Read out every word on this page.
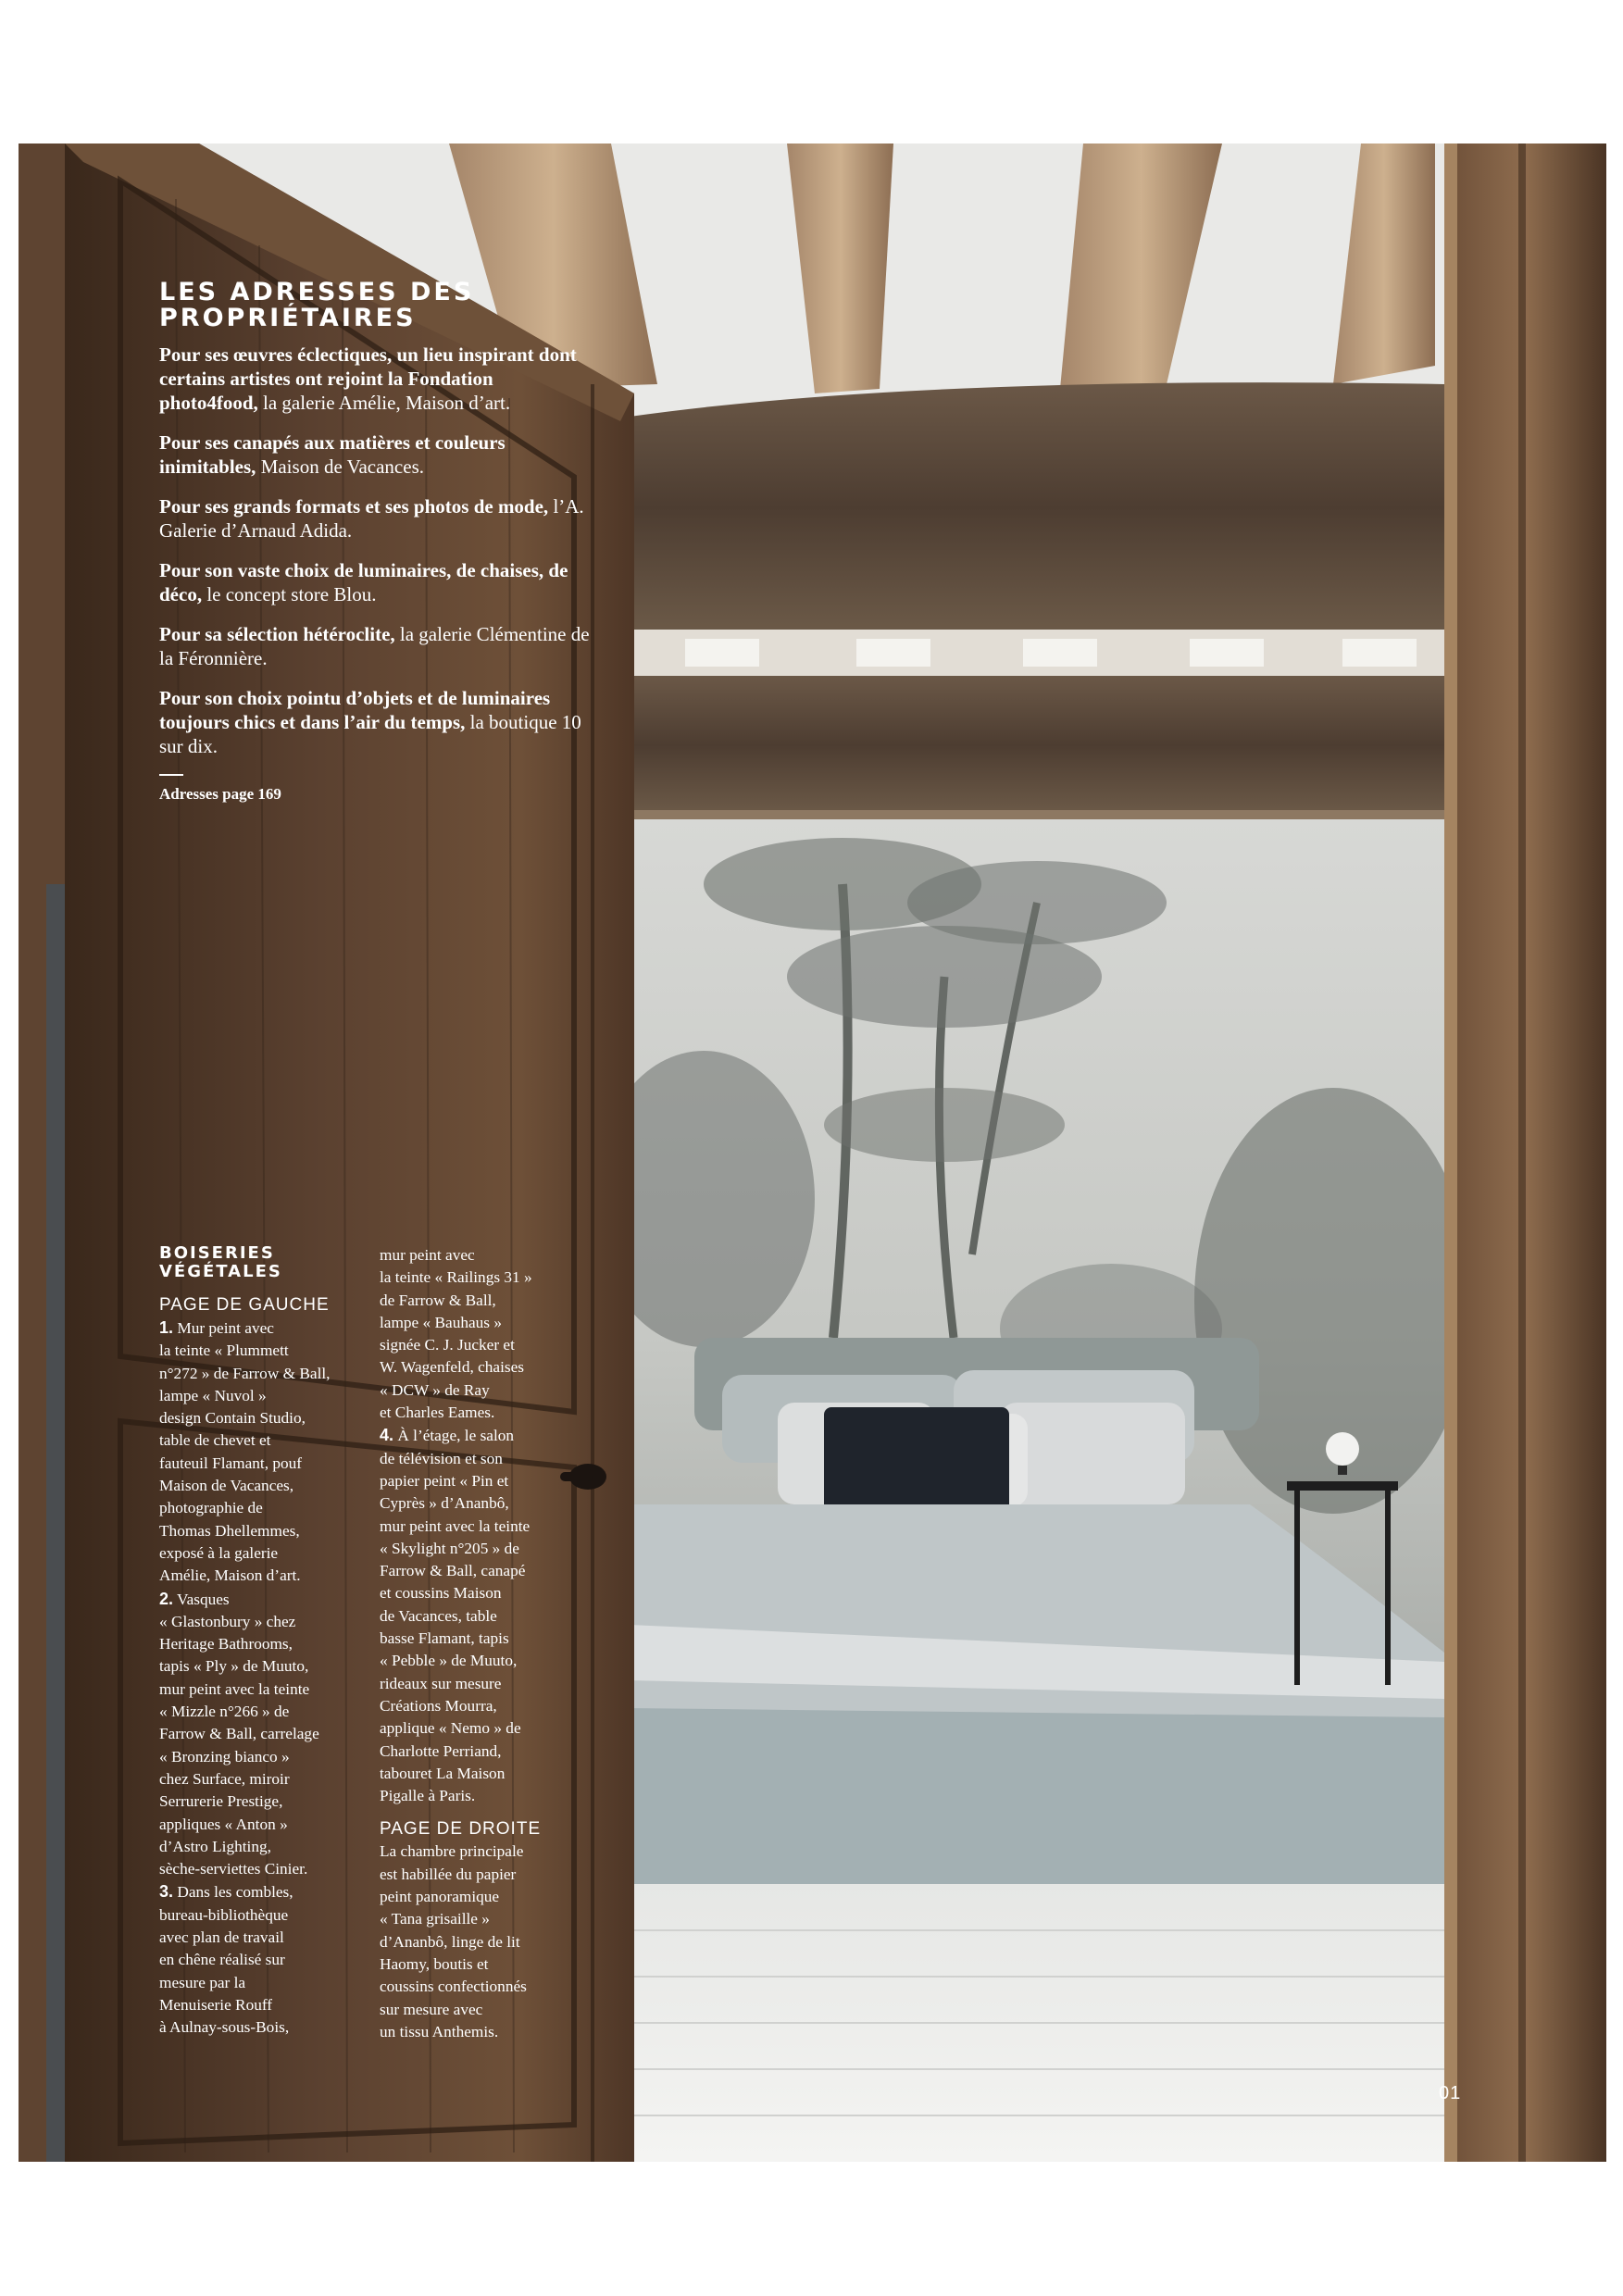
LES ADRESSES DES
PROPRIÉTAIRES

Pour ses œuvres éclectiques, un lieu inspirant dont certains artistes ont rejoint la Fondation photo4food, la galerie Amélie, Maison d’art.

Pour ses canapés aux matières et couleurs inimitables, Maison de Vacances.

Pour ses grands formats et ses photos de mode, l’A. Galerie d’Arnaud Adida.

Pour son vaste choix de luminaires, de chaises, de déco, le concept store Blou.

Pour sa sélection hétéroclite, la galerie Clémentine de la Féronnière.

Pour son choix pointu d’objets et de luminaires toujours chics et dans l’air du temps, la boutique 10 sur dix.

Adresses page 169
BOISERIES
VÉGÉTALES
PAGE DE GAUCHE
1. Mur peint avec
la teinte « Plummett
n°272 » de Farrow & Ball,
lampe « Nuvol »
design Contain Studio,
table de chevet et
fauteuil Flamant, pouf
Maison de Vacances,
photographie de
Thomas Dhellemmes,
exposé à la galerie
Amélie, Maison d’art.
2. Vasques
« Glastonbury » chez
Heritage Bathrooms,
tapis « Ply » de Muuto,
mur peint avec la teinte
« Mizzle n°266 » de
Farrow & Ball, carrelage
« Bronzing bianco »
chez Surface, miroir
Serrurerie Prestige,
appliques « Anton »
d’Astro Lighting,
sèche-serviettes Cinier.
3. Dans les combles,
bureau-bibliothèque
avec plan de travail
en chêne réalisé sur
mesure par la
Menuiserie Rouff
à Aulnay-sous-Bois,
mur peint avec
la teinte « Railings 31 »
de Farrow & Ball,
lampe « Bauhaus »
signée C. J. Jucker et
W. Wagenfeld, chaises
« DCW » de Ray
et Charles Eames.
4. À l’étage, le salon
de télévision et son
papier peint « Pin et
Cyprès » d’Ananbô,
mur peint avec la teinte
« Skylight n°205 » de
Farrow & Ball, canapé
et coussins Maison
de Vacances, table
basse Flamant, tapis
« Pebble » de Muuto,
rideaux sur mesure
Créations Mourra,
applique « Nemo » de
Charlotte Perriand,
tabouret La Maison
Pigalle à Paris.
PAGE DE DROITE
La chambre principale
est habillée du papier
peint panoramique
« Tana grisaille »
d’Ananbô, linge de lit
Haomy, boutis et
coussins confectionnés
sur mesure avec
un tissu Anthemis.
01
